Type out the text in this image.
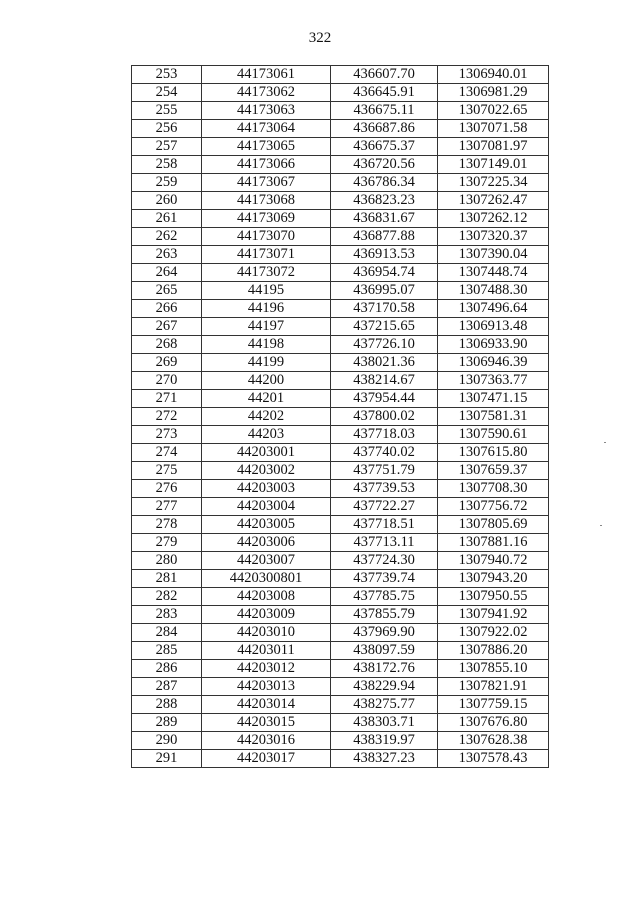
322
253	44173061	436607.70	1306940.01
254	44173062	436645.91	1306981.29
255	44173063	436675.11	1307022.65
256	44173064	436687.86	1307071.58
257	44173065	436675.37	1307081.97
258	44173066	436720.56	1307149.01
259	44173067	436786.34	1307225.34
260	44173068	436823.23	1307262.47
261	44173069	436831.67	1307262.12
262	44173070	436877.88	1307320.37
263	44173071	436913.53	1307390.04
264	44173072	436954.74	1307448.74
265	44195	436995.07	1307488.30
266	44196	437170.58	1307496.64
267	44197	437215.65	1306913.48
268	44198	437726.10	1306933.90
269	44199	438021.36	1306946.39
270	44200	438214.67	1307363.77
271	44201	437954.44	1307471.15
272	44202	437800.02	1307581.31
273	44203	437718.03	1307590.61
274	44203001	437740.02	1307615.80
275	44203002	437751.79	1307659.37
276	44203003	437739.53	1307708.30
277	44203004	437722.27	1307756.72
278	44203005	437718.51	1307805.69
279	44203006	437713.11	1307881.16
280	44203007	437724.30	1307940.72
281	4420300801	437739.74	1307943.20
282	44203008	437785.75	1307950.55
283	44203009	437855.79	1307941.92
284	44203010	437969.90	1307922.02
285	44203011	438097.59	1307886.20
286	44203012	438172.76	1307855.10
287	44203013	438229.94	1307821.91
288	44203014	438275.77	1307759.15
289	44203015	438303.71	1307676.80
290	44203016	438319.97	1307628.38
291	44203017	438327.23	1307578.43
